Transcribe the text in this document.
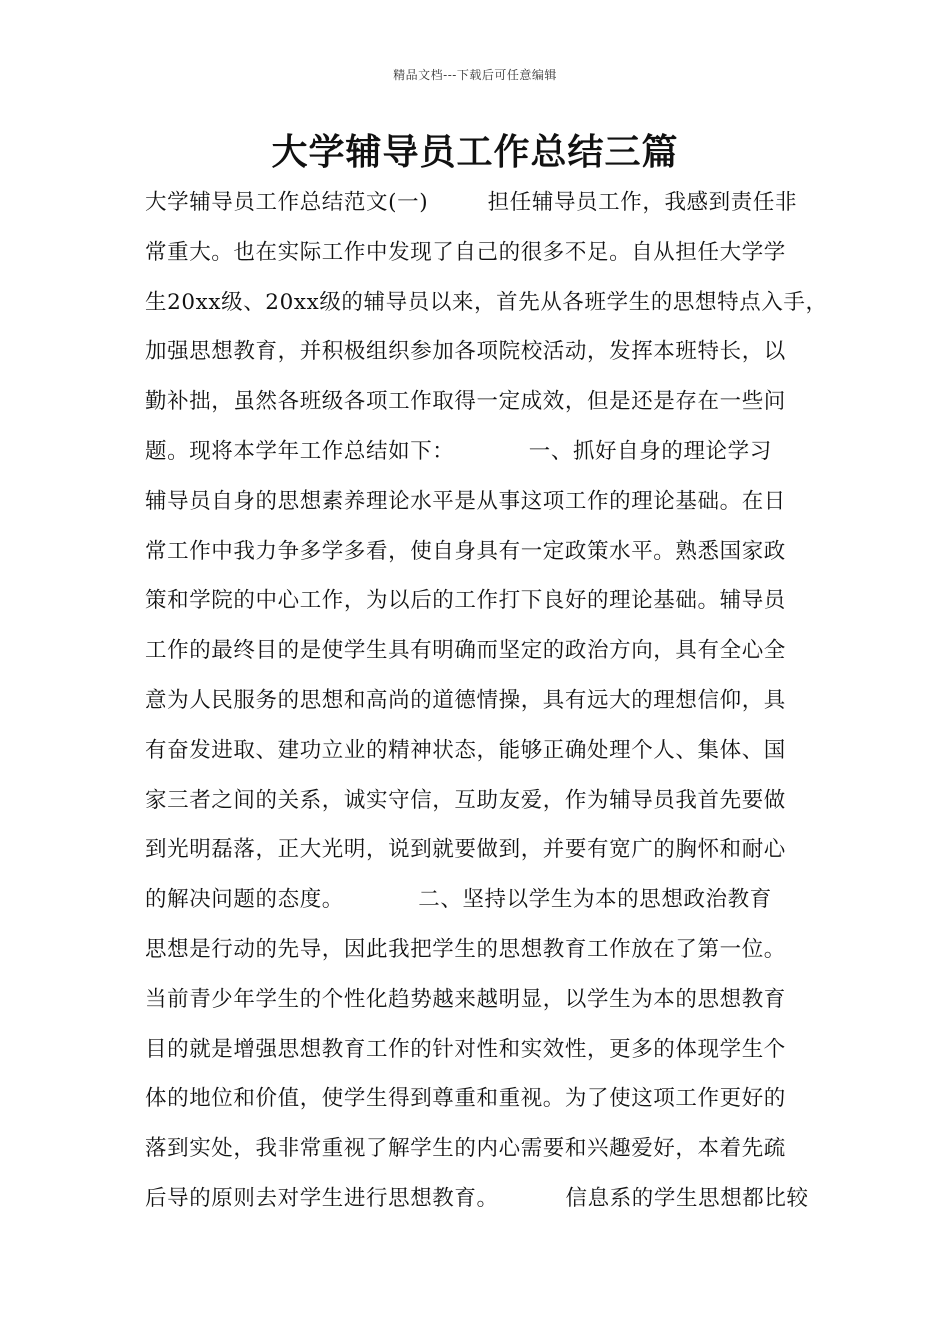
精品文档---下载后可任意编辑
大学辅导员工作总结三篇
大学辅导员工作总结范文(一)        担任辅导员工作，我感到责任非
常重大。也在实际工作中发现了自己的很多不足。自从担任大学学
生20xx级、20xx级的辅导员以来，首先从各班学生的思想特点入手，
加强思想教育，并积极组织参加各项院校活动，发挥本班特长，以
勤补拙，虽然各班级各项工作取得一定成效，但是还是存在一些问
题。现将本学年工作总结如下：          一、抓好自身的理论学习
辅导员自身的思想素养理论水平是从事这项工作的理论基础。在日
常工作中我力争多学多看，使自身具有一定政策水平。熟悉国家政
策和学院的中心工作，为以后的工作打下良好的理论基础。辅导员
工作的最终目的是使学生具有明确而坚定的政治方向，具有全心全
意为人民服务的思想和高尚的道德情操，具有远大的理想信仰，具
有奋发进取、建功立业的精神状态，能够正确处理个人、集体、国
家三者之间的关系，诚实守信，互助友爱，作为辅导员我首先要做
到光明磊落，正大光明，说到就要做到，并要有宽广的胸怀和耐心
的解决问题的态度。          二、坚持以学生为本的思想政治教育
思想是行动的先导，因此我把学生的思想教育工作放在了第一位。
当前青少年学生的个性化趋势越来越明显，以学生为本的思想教育
目的就是增强思想教育工作的针对性和实效性，更多的体现学生个
体的地位和价值，使学生得到尊重和重视。为了使这项工作更好的
落到实处，我非常重视了解学生的内心需要和兴趣爱好，本着先疏
后导的原则去对学生进行思想教育。         信息系的学生思想都比较
